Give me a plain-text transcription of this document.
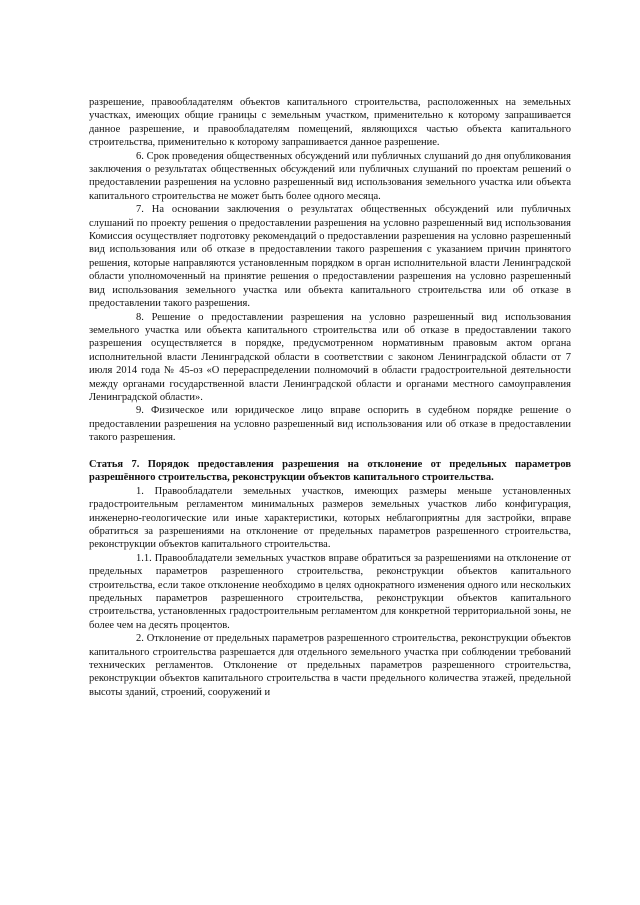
разрешение, правообладателям объектов капитального строительства, расположенных на земельных участках, имеющих общие границы с земельным участком, применительно к которому запрашивается данное разрешение, и правообладателям помещений, являющихся частью объекта капитального строительства, применительно к которому запрашивается данное разрешение.

6. Срок проведения общественных обсуждений или публичных слушаний до дня опубликования заключения о результатах общественных обсуждений или публичных слушаний по проектам решений о предоставлении разрешения на условно разрешенный вид использования земельного участка или объекта капитального строительства не может быть более одного месяца.

7. На основании заключения о результатах общественных обсуждений или публичных слушаний по проекту решения о предоставлении разрешения на условно разрешенный вид использования Комиссия осуществляет подготовку рекомендаций о предоставлении разрешения на условно разрешенный вид использования или об отказе в предоставлении такого разрешения с указанием причин принятого решения, которые направляются установленным порядком в орган исполнительной власти Ленинградской области уполномоченный на принятие решения о предоставлении разрешения на условно разрешенный вид использования земельного участка или объекта капитального строительства или об отказе в предоставлении такого разрешения.

8. Решение о предоставлении разрешения на условно разрешенный вид использования земельного участка или объекта капитального строительства или об отказе в предоставлении такого разрешения осуществляется в порядке, предусмотренном нормативным правовым актом органа исполнительной власти Ленинградской области в соответствии с законом Ленинградской области от 7 июля 2014 года № 45-оз «О перераспределении полномочий в области градостроительной деятельности между органами государственной власти Ленинградской области и органами местного самоуправления Ленинградской области».

9. Физическое или юридическое лицо вправе оспорить в судебном порядке решение о предоставлении разрешения на условно разрешенный вид использования или об отказе в предоставлении такого разрешения.

Статья 7. Порядок предоставления разрешения на отклонение от предельных параметров разрешённого строительства, реконструкции объектов капитального строительства.

1. Правообладатели земельных участков, имеющих размеры меньше установленных градостроительным регламентом минимальных размеров земельных участков либо конфигурация, инженерно-геологические или иные характеристики, которых неблагоприятны для застройки, вправе обратиться за разрешениями на отклонение от предельных параметров разрешенного строительства, реконструкции объектов капитального строительства.

1.1. Правообладатели земельных участков вправе обратиться за разрешениями на отклонение от предельных параметров разрешенного строительства, реконструкции объектов капитального строительства, если такое отклонение необходимо в целях однократного изменения одного или нескольких предельных параметров разрешенного строительства, реконструкции объектов капитального строительства, установленных градостроительным регламентом для конкретной территориальной зоны, не более чем на десять процентов.

2. Отклонение от предельных параметров разрешенного строительства, реконструкции объектов капитального строительства разрешается для отдельного земельного участка при соблюдении требований технических регламентов. Отклонение от предельных параметров разрешенного строительства, реконструкции объектов капитального строительства в части предельного количества этажей, предельной высоты зданий, строений, сооружений и
